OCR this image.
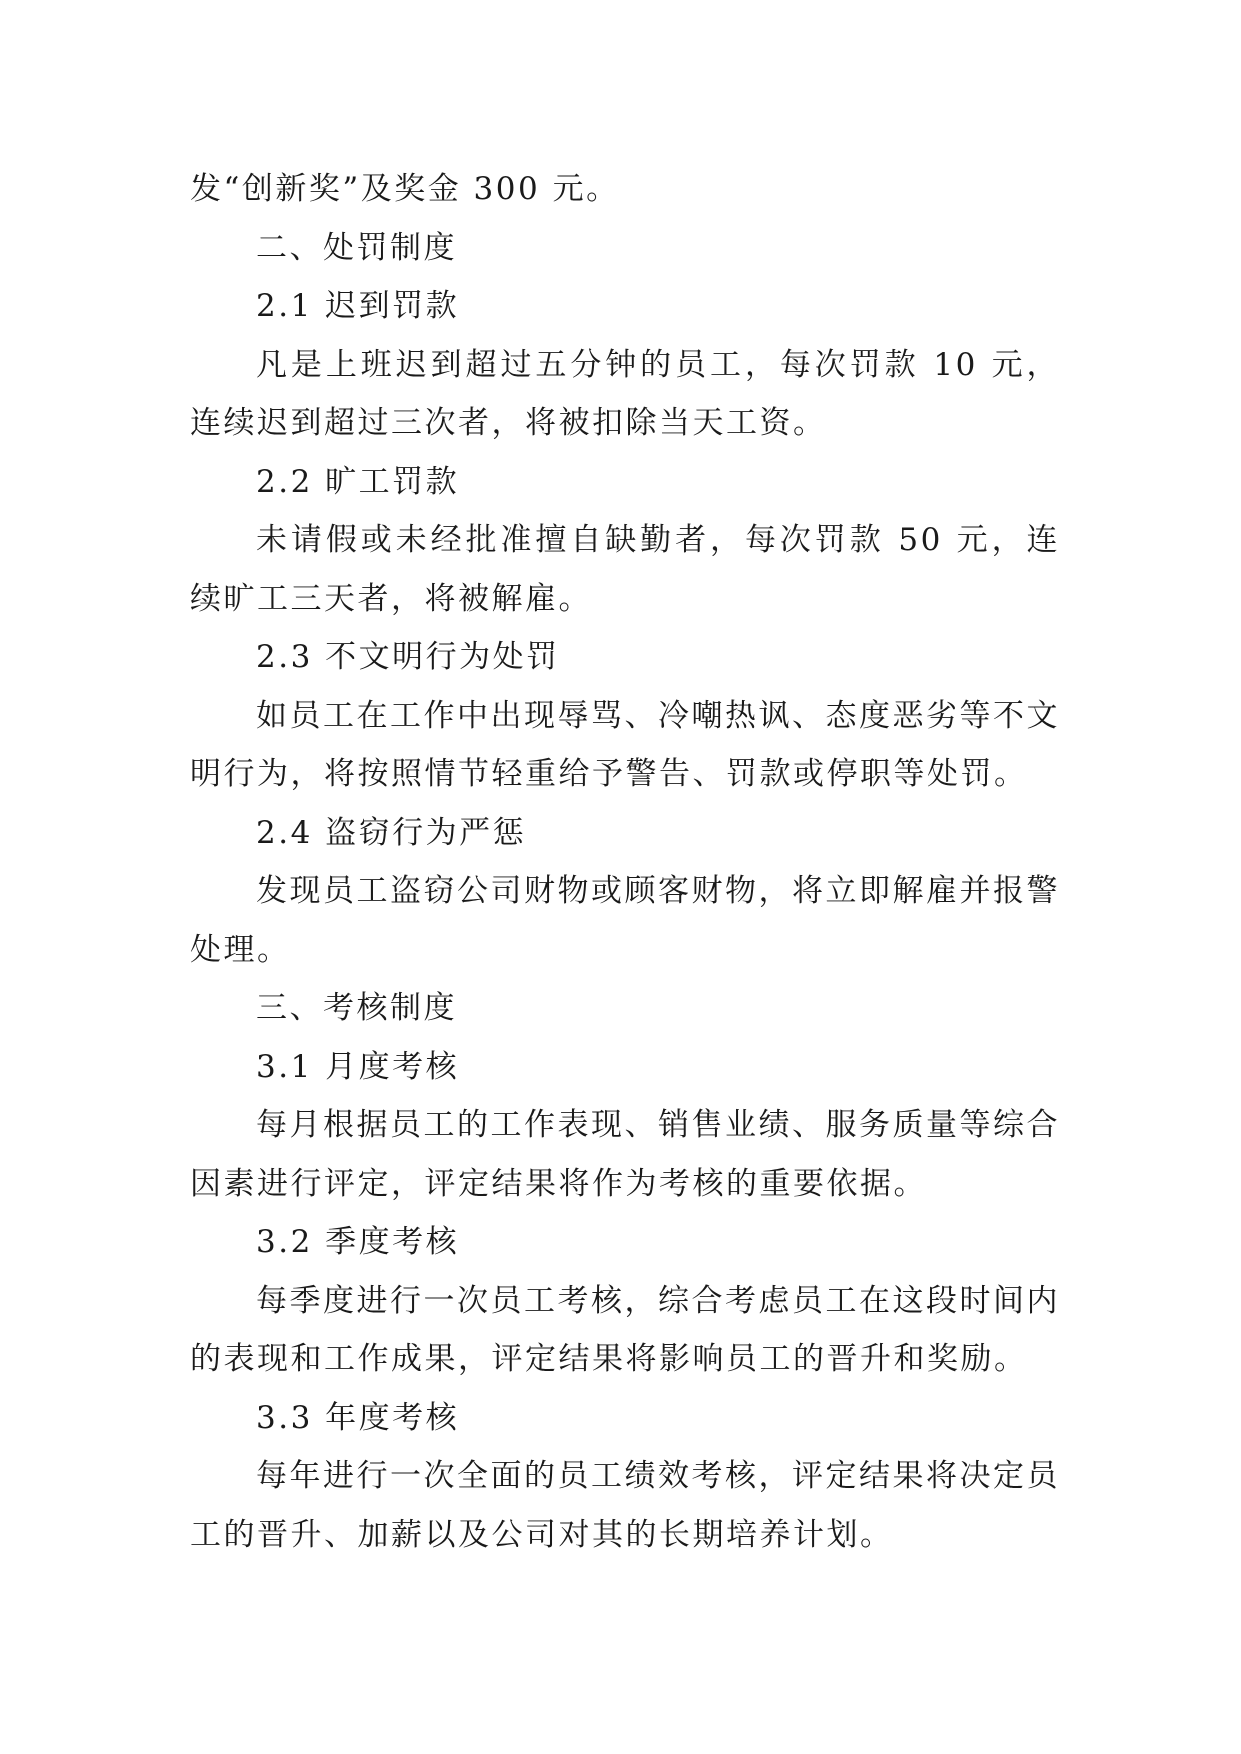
发“创新奖”及奖金 300 元。

二、处罚制度

2.1 迟到罚款

凡是上班迟到超过五分钟的员工，每次罚款 10 元，连续迟到超过三次者，将被扣除当天工资。

2.2 旷工罚款

未请假或未经批准擅自缺勤者，每次罚款 50 元，连续旷工三天者，将被解雇。

2.3 不文明行为处罚

如员工在工作中出现辱骂、冷嘲热讽、态度恶劣等不文明行为，将按照情节轻重给予警告、罚款或停职等处罚。

2.4 盗窃行为严惩

发现员工盗窃公司财物或顾客财物，将立即解雇并报警处理。

三、考核制度

3.1 月度考核

每月根据员工的工作表现、销售业绩、服务质量等综合因素进行评定，评定结果将作为考核的重要依据。

3.2 季度考核

每季度进行一次员工考核，综合考虑员工在这段时间内的表现和工作成果，评定结果将影响员工的晋升和奖励。

3.3 年度考核

每年进行一次全面的员工绩效考核，评定结果将决定员工的晋升、加薪以及公司对其的长期培养计划。
